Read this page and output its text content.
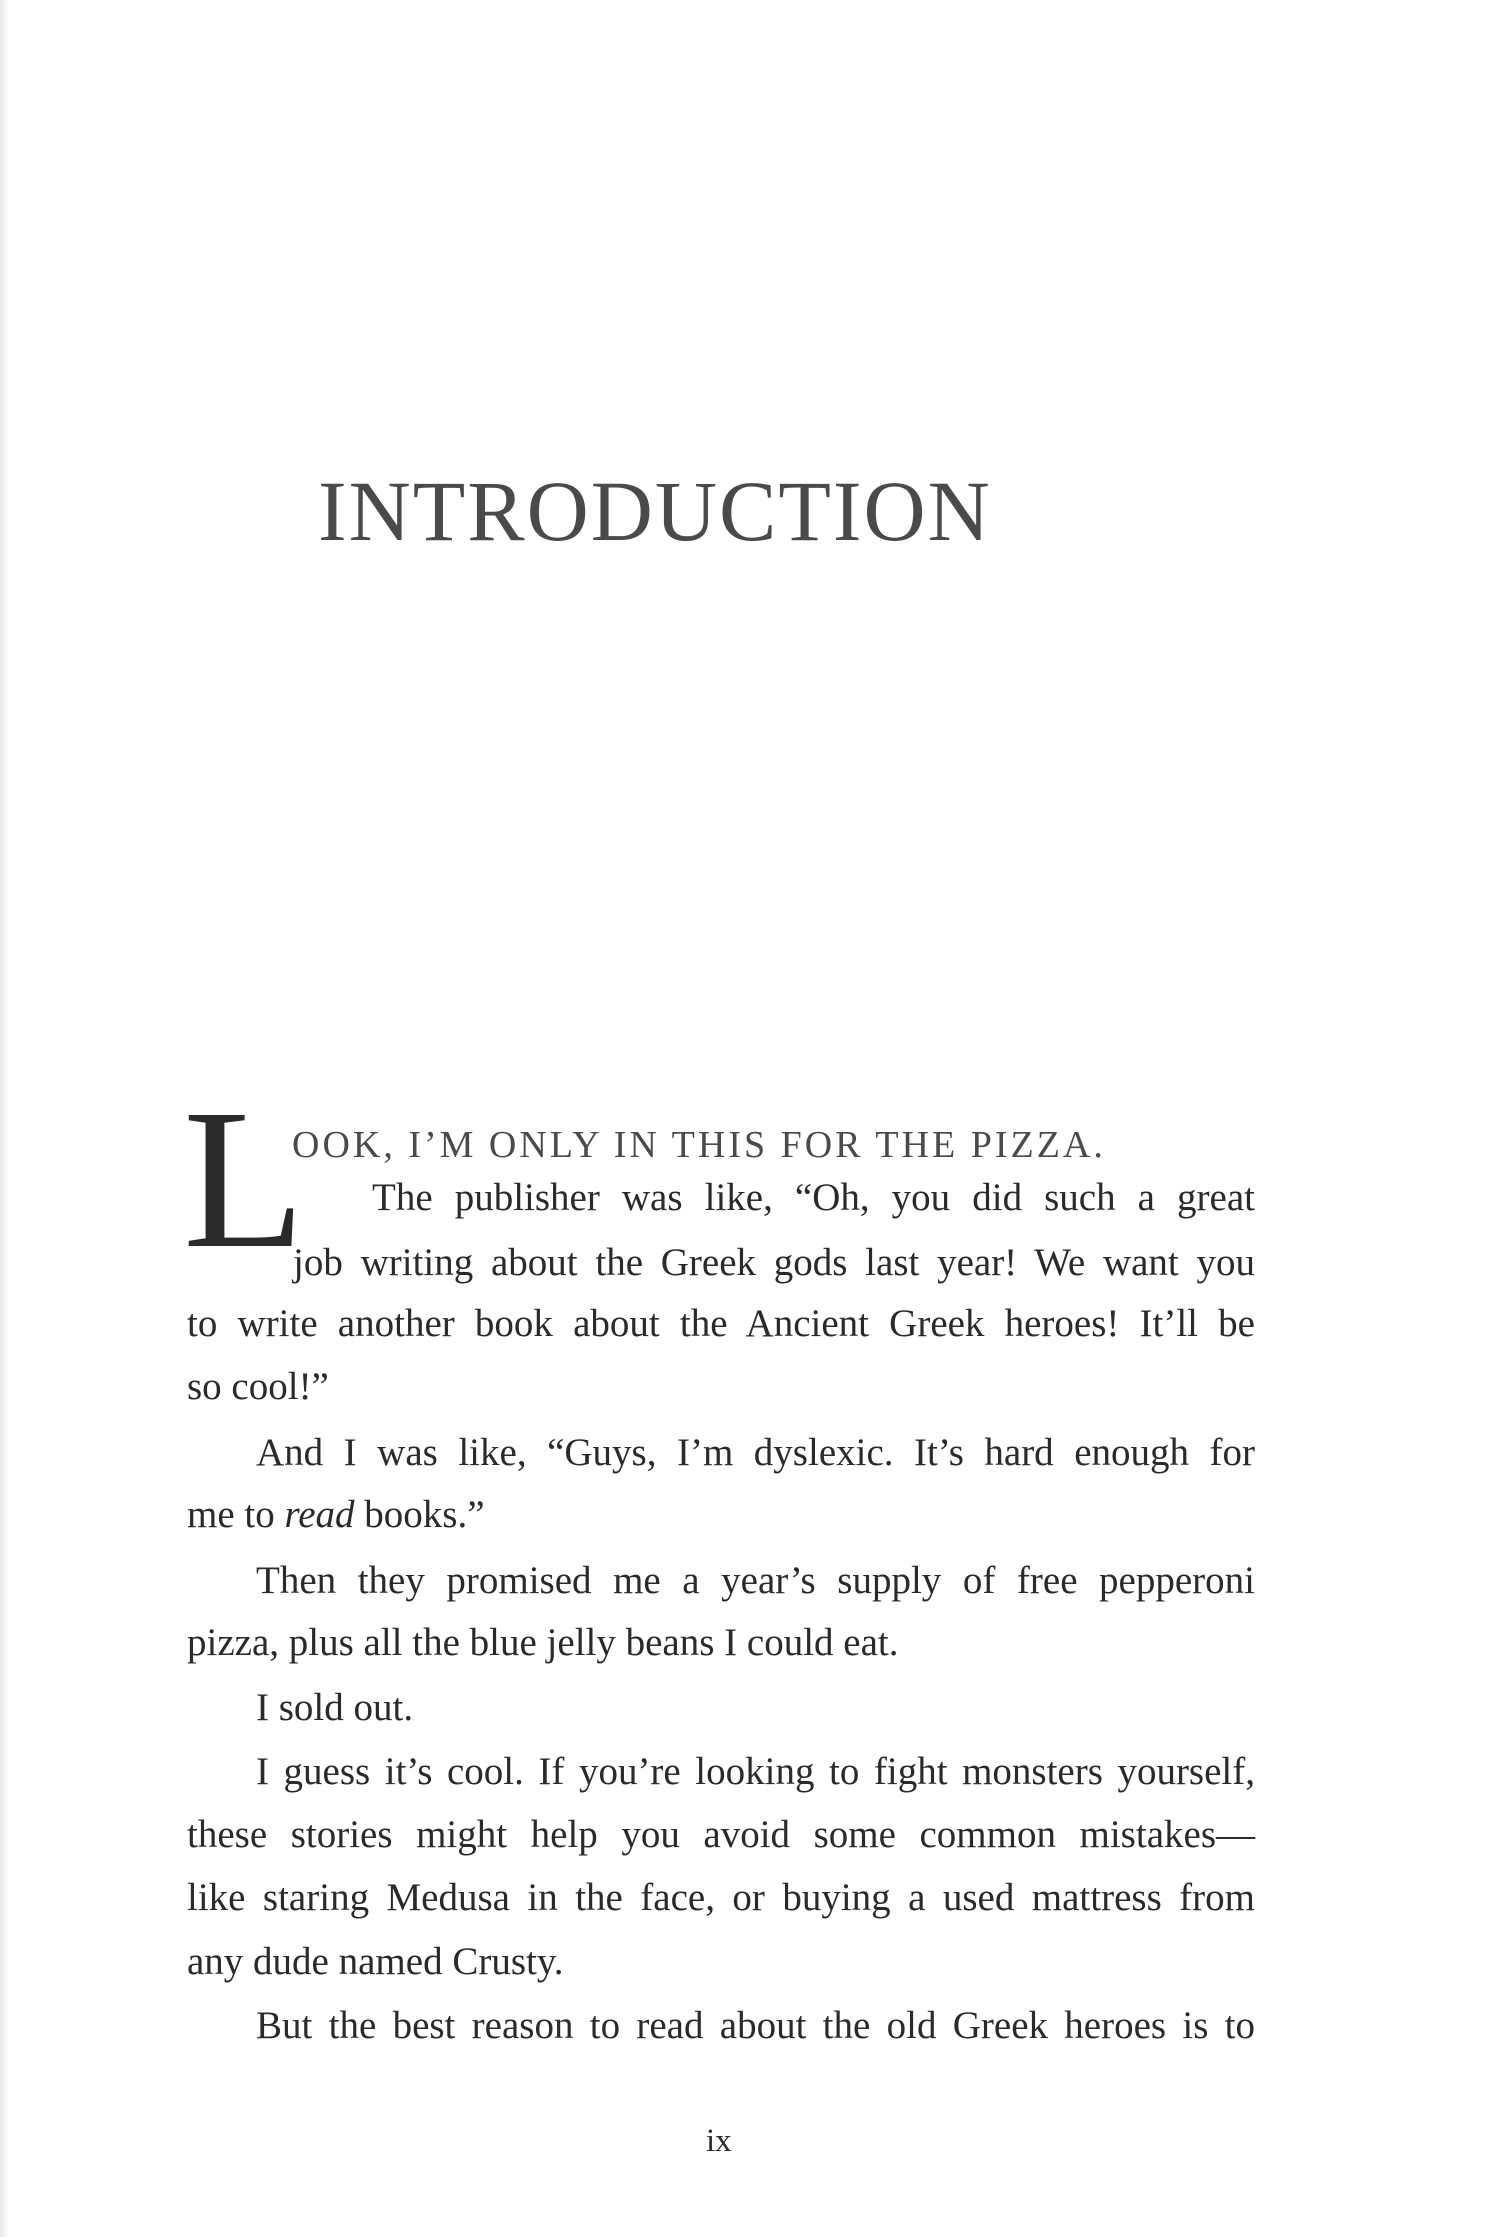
INTRODUCTION
L
OOK, I’M ONLY IN THIS FOR THE PIZZA.
The publisher was like, “Oh, you did such a great
job writing about the Greek gods last year! We want you
to write another book about the Ancient Greek heroes! It’ll be
so cool!”
And I was like, “Guys, I’m dyslexic. It’s hard enough for
me to read books.”
Then they promised me a year’s supply of free pepperoni
pizza, plus all the blue jelly beans I could eat.
I sold out.
I guess it’s cool. If you’re looking to fight monsters yourself,
these stories might help you avoid some common mistakes—
like staring Medusa in the face, or buying a used mattress from
any dude named Crusty.
But the best reason to read about the old Greek heroes is to
ix
